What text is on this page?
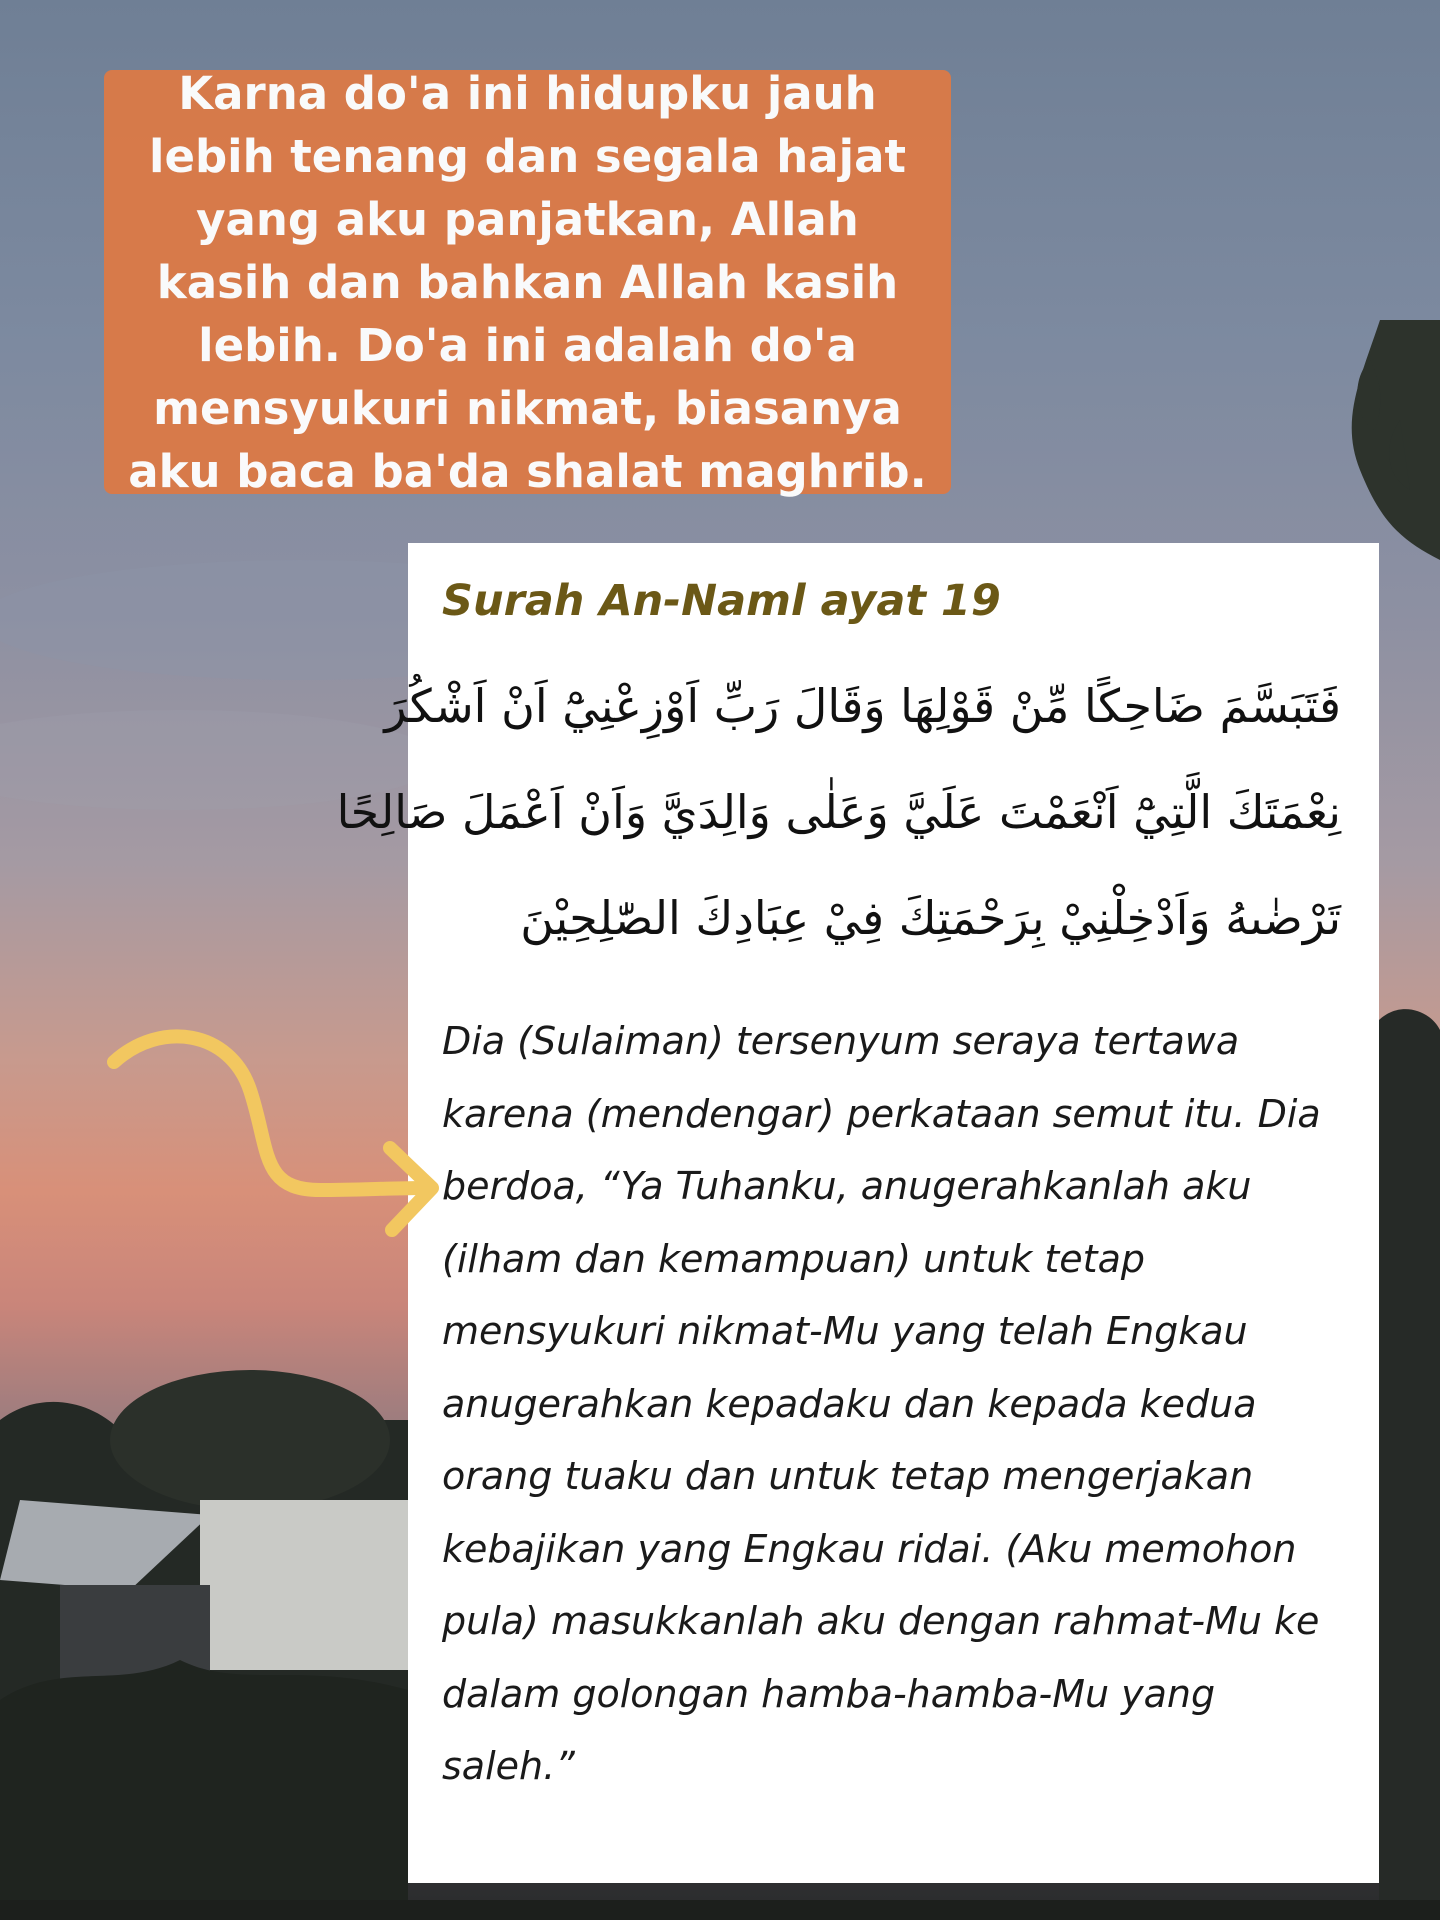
Karna do'a ini hidupku jauh lebih tenang dan segala hajat yang aku panjatkan, Allah kasih dan bahkan Allah kasih lebih. Do'a ini adalah do'a mensyukuri nikmat, biasanya aku baca ba'da shalat maghrib.

Surah An-Naml ayat 19

فَتَبَسَّمَ ضَاحِكًا مِّنْ قَوْلِهَا وَقَالَ رَبِّ اَوْزِعْنِيْٓ اَنْ اَشْكُرَ
نِعْمَتَكَ الَّتِيْٓ اَنْعَمْتَ عَلَيَّ وَعَلٰى وَالِدَيَّ وَاَنْ اَعْمَلَ صَالِحًا
تَرْضٰىهُ وَاَدْخِلْنِيْ بِرَحْمَتِكَ فِيْ عِبَادِكَ الصّٰلِحِيْنَ

Dia (Sulaiman) tersenyum seraya tertawa karena (mendengar) perkataan semut itu. Dia berdoa, “Ya Tuhanku, anugerahkanlah aku (ilham dan kemampuan) untuk tetap mensyukuri nikmat-Mu yang telah Engkau anugerahkan kepadaku dan kepada kedua orang tuaku dan untuk tetap mengerjakan kebajikan yang Engkau ridai. (Aku memohon pula) masukkanlah aku dengan rahmat-Mu ke dalam golongan hamba-hamba-Mu yang saleh.”
